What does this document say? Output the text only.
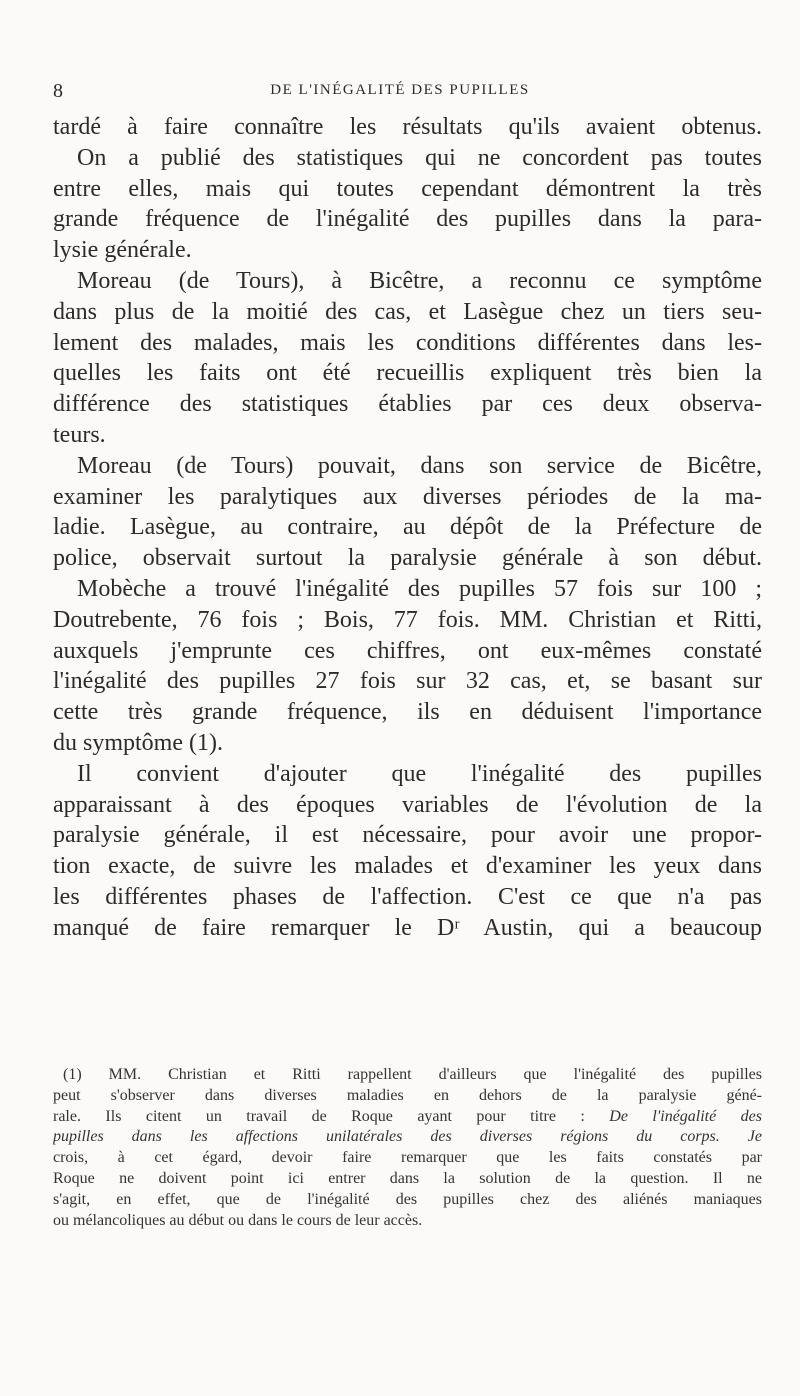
8	DE L'INÉGALITÉ DES PUPILLES
tardé à faire connaître les résultats qu'ils avaient obtenus.
On a publié des statistiques qui ne concordent pas toutes
entre elles, mais qui toutes cependant démontrent la très
grande fréquence de l'inégalité des pupilles dans la para-
lysie générale.
Moreau (de Tours), à Bicêtre, a reconnu ce symptôme
dans plus de la moitié des cas, et Lasègue chez un tiers seu-
lement des malades, mais les conditions différentes dans les-
quelles les faits ont été recueillis expliquent très bien la
différence des statistiques établies par ces deux observa-
teurs.
Moreau (de Tours) pouvait, dans son service de Bicêtre,
examiner les paralytiques aux diverses périodes de la ma-
ladie. Lasègue, au contraire, au dépôt de la Préfecture de
police, observait surtout la paralysie générale à son début.
Mobèche a trouvé l'inégalité des pupilles 57 fois sur 100 ;
Doutrebente, 76 fois ; Bois, 77 fois. MM. Christian et Ritti,
auxquels j'emprunte ces chiffres, ont eux-mêmes constaté
l'inégalité des pupilles 27 fois sur 32 cas, et, se basant sur
cette très grande fréquence, ils en déduisent l'importance
du symptôme (1).
Il convient d'ajouter que l'inégalité des pupilles
apparaissant à des époques variables de l'évolution de la
paralysie générale, il est nécessaire, pour avoir une propor-
tion exacte, de suivre les malades et d'examiner les yeux dans
les différentes phases de l'affection. C'est ce que n'a pas
manqué de faire remarquer le Dʳ Austin, qui a beaucoup
(1) MM. Christian et Ritti rappellent d'ailleurs que l'inégalité des pupilles
peut s'observer dans diverses maladies en dehors de la paralysie géné-
rale. Ils citent un travail de Roque ayant pour titre : De l'inégalité des
pupilles dans les affections unilatérales des diverses régions du corps. Je
crois, à cet égard, devoir faire remarquer que les faits constatés par
Roque ne doivent point ici entrer dans la solution de la question. Il ne
s'agit, en effet, que de l'inégalité des pupilles chez des aliénés maniaques
ou mélancoliques au début ou dans le cours de leur accès.
